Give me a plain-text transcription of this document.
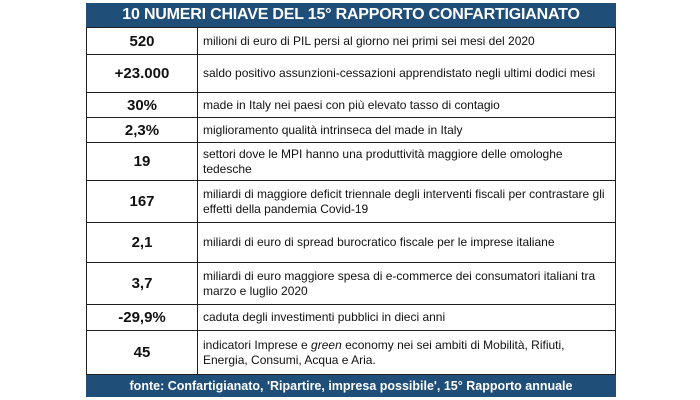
10 NUMERI CHIAVE DEL 15° RAPPORTO CONFARTIGIANATO
520	milioni di euro di PIL persi al giorno nei primi sei mesi del 2020
+23.000	saldo positivo assunzioni-cessazioni apprendistato negli ultimi dodici mesi
30%	made in Italy nei paesi con più elevato tasso di contagio
2,3%	miglioramento qualità intrinseca del made in Italy
19	settori dove le MPI hanno una produttività maggiore delle omologhe tedesche
167	miliardi di maggiore deficit triennale degli interventi fiscali per contrastare gli effetti della pandemia Covid-19
2,1	miliardi di euro di spread burocratico fiscale per le imprese italiane
3,7	miliardi di euro maggiore spesa di e-commerce dei consumatori italiani tra marzo e luglio 2020
-29,9%	caduta degli investimenti pubblici in dieci anni
45	indicatori Imprese e green economy nei sei ambiti di Mobilità, Rifiuti, Energia, Consumi, Acqua e Aria.
fonte: Confartigianato, 'Ripartire, impresa possibile', 15° Rapporto annuale
